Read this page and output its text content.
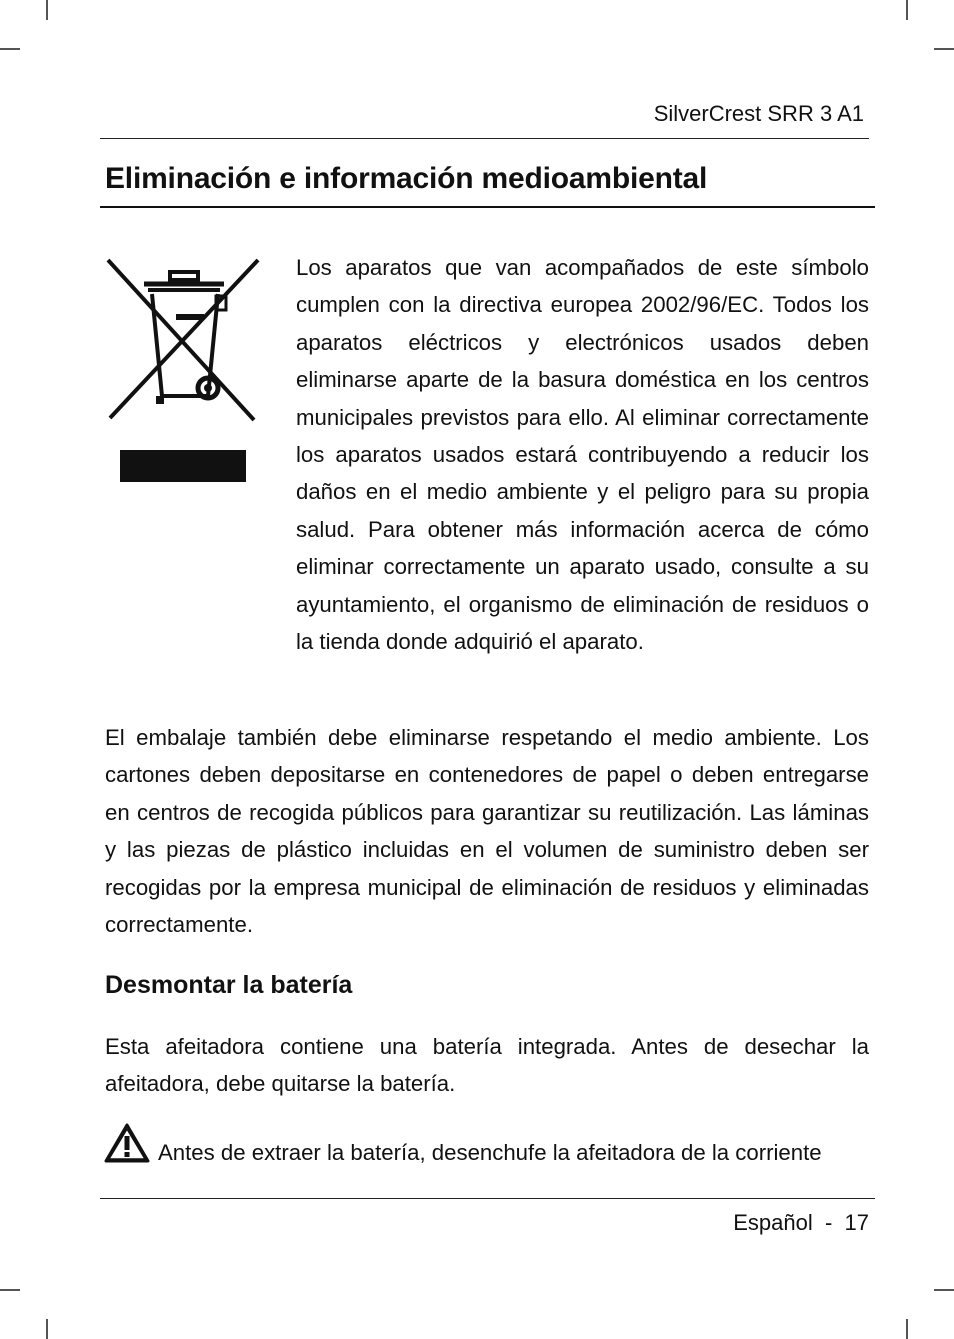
SilverCrest SRR 3 A1
Eliminación e información medioambiental

Los aparatos que van acompañados de este símbolo cumplen con la directiva europea 2002/96/EC. Todos los aparatos eléctricos y electrónicos usados deben eliminarse aparte de la basura doméstica en los centros municipales previstos para ello. Al eliminar correctamente los aparatos usados estará contribuyendo a reducir los daños en el medio ambiente y el peligro para su propia salud. Para obtener más información acerca de cómo eliminar correctamente un aparato usado, consulte a su ayuntamiento, el organismo de eliminación de residuos o la tienda donde adquirió el aparato.

El embalaje también debe eliminarse respetando el medio ambiente. Los cartones deben depositarse en contenedores de papel o deben entregarse en centros de recogida públicos para garantizar su reutilización. Las láminas y las piezas de plástico incluidas en el volumen de suministro deben ser recogidas por la empresa municipal de eliminación de residuos y eliminadas correctamente.

Desmontar la batería

Esta afeitadora contiene una batería integrada. Antes de desechar la afeitadora, debe quitarse la batería.

Antes de extraer la batería, desenchufe la afeitadora de la corriente
Español - 17
